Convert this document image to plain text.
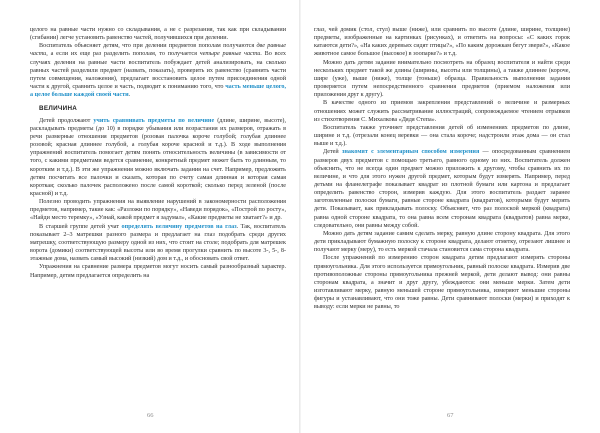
целого на равные части нужно со складывания, а не с разрезания, так как при складывании (сгибании) легче установить равенство частей, получившихся при делении.

Воспитатель объясняет детям, что при делении предметов пополам получаются две равные части, а если их еще раз разделить пополам, то получается четыре равные части. Во всех случаях деления на равные части воспитатель побуждает детей анализировать, на сколько равных частей разделили предмет (назвать, показать), проверить их равенство (сравнить части путем совмещения, наложения), предлагает восстановить целое путем присоединения одной части к другой, сравнить целое и часть, подводит к пониманию того, что часть меньше целого, а целое больше каждой своей части.

ВЕЛИЧИНА

Детей продолжают учить сравнивать предметы по величине (длине, ширине, высоте), раскладывать предметы (до 10) в порядке убывания или возрастания их размеров, отражать в речи размерные отношения предметов (розовая палочка короче голубой; голубая длиннее розовой; красная длиннее голубой, а голубая короче красной и т.д.). В ходе выполнения упражнений воспитатель помогает детям понять относительность величины (в зависимости от того, с какими предметами ведется сравнение, конкретный предмет может быть то длинным, то коротким и т.д.). В эти же упражнения можно включать задания на счет. Например, предложить детям посчитать все палочки и сказать, которая по счету самая длинная и которая самая короткая; сколько палочек расположено после самой короткой; сколько перед зеленой (после красной) и т.д.

Полезно проводить упражнения на выявление нарушений в закономерности расположения предметов, например, такие как: «Разложи по порядку», «Наведи порядок», «Построй по росту», «Найди место теремку», «Узнай, какой предмет я задумал», «Какие предметы не хватает?» и др.

В старшей группе детей учат определять величину предметов на глаз. Так, воспитатель показывает 2–3 матрешки разного размера и предлагает на глаз подобрать среди других матрешку, соответствующую размеру одной из них, что стоит на столе; подобрать для матрешек ворота (домики) соответствующей высоты или во время прогулки сравнить по высоте 3-, 5-, 8-этажные дома, назвать самый высокий (низкий) дом и т.д., и обосновать свой ответ.

Упражнения на сравнение размера предметов могут носить самый разнообразный характер. Например, детям предлагается определить на

66

глаз, чей домик (стол, стул) выше (ниже), или сравнить по высоте (длине, ширине, толщине) предметы, изображенные на картинках (рисунках), и ответить на вопросы: «С каких горок катаются дети?», «На каких деревьях сидят птицы?», «По каким дорожкам бегут звери?», «Какое животное самое большое (высокое) в зоопарке?» и т.д.

Можно дать детям задание внимательно посмотреть на образец воспитателя и найти среди нескольких предмет такой же длины (ширины, высоты или толщины), а также длиннее (короче, шире (уже), выше (ниже), толще (тоньше) образца. Правильность выполнения задания проверяется путем непосредственного сравнения предметов (приемом наложения или приложения друг к другу).

В качестве одного из приемов закрепления представлений о величине и размерных отношениях может служить рассматривание иллюстраций, сопровождаемое чтением отрывков из стихотворения С. Михалкова «Дядя Степа».

Воспитатель также уточняет представления детей об изменениях предметов по длине, ширине и т.д. (отрезали конец веревки — она стала короче; надстроили этаж дома — он стал выше и т.д.).

Детей знакомят с элементарным способом измерения — опосредованным сравнением размеров двух предметов с помощью третьего, равного одному из них. Воспитатель должен объяснить, что не всегда один предмет можно приложить к другому, чтобы сравнить их по величине, и что для этого нужен другой предмет, которым будут измерять. Например, перед детьми на фланелеграфе показывает квадрат из плотной бумаги или картона и предлагает определить равенство сторон, измерив каждую. Для этого воспитатель раздает заранее заготовленные полоски бумаги, равные стороне квадрата (квадратов), которыми будут мерить дети. Показывает, как прикладывать полоску. Объясняет, что раз полоской меркой (квадрата) равна одной стороне квадрата, то она равна всем сторонам квадрата (квадратов) равна мерке, следовательно, они равны между собой.

Можно дать детям задание самим сделать мерку, равную длине сторону квадрата. Для этого дети прикладывают бумажную полоску к стороне квадрата, делают отметку, отрезают лишнее и получают мерку (меру), то есть меркой стачала становится сама сторона квадрата.

После упражнений по измерению сторон квадрата детям предлагают измерять стороны прямоугольника. Для этого используется прямоугольник, равный полоске квадрата. Измерив две противоположные стороны прямоугольника прежней меркой, дети делают вывод: они равны сторонам квадрата, а значит и друг другу, убеждаются: они меньше мерки. Затем дети изготавливают мерку, равную меньшей стороне прямоугольника, измеряют меньшие стороны фигуры и устанавливают, что они тоже равны. Дети сравнивают полоски (мерки) и приходят к выводу: если мерки не равны, то

67
